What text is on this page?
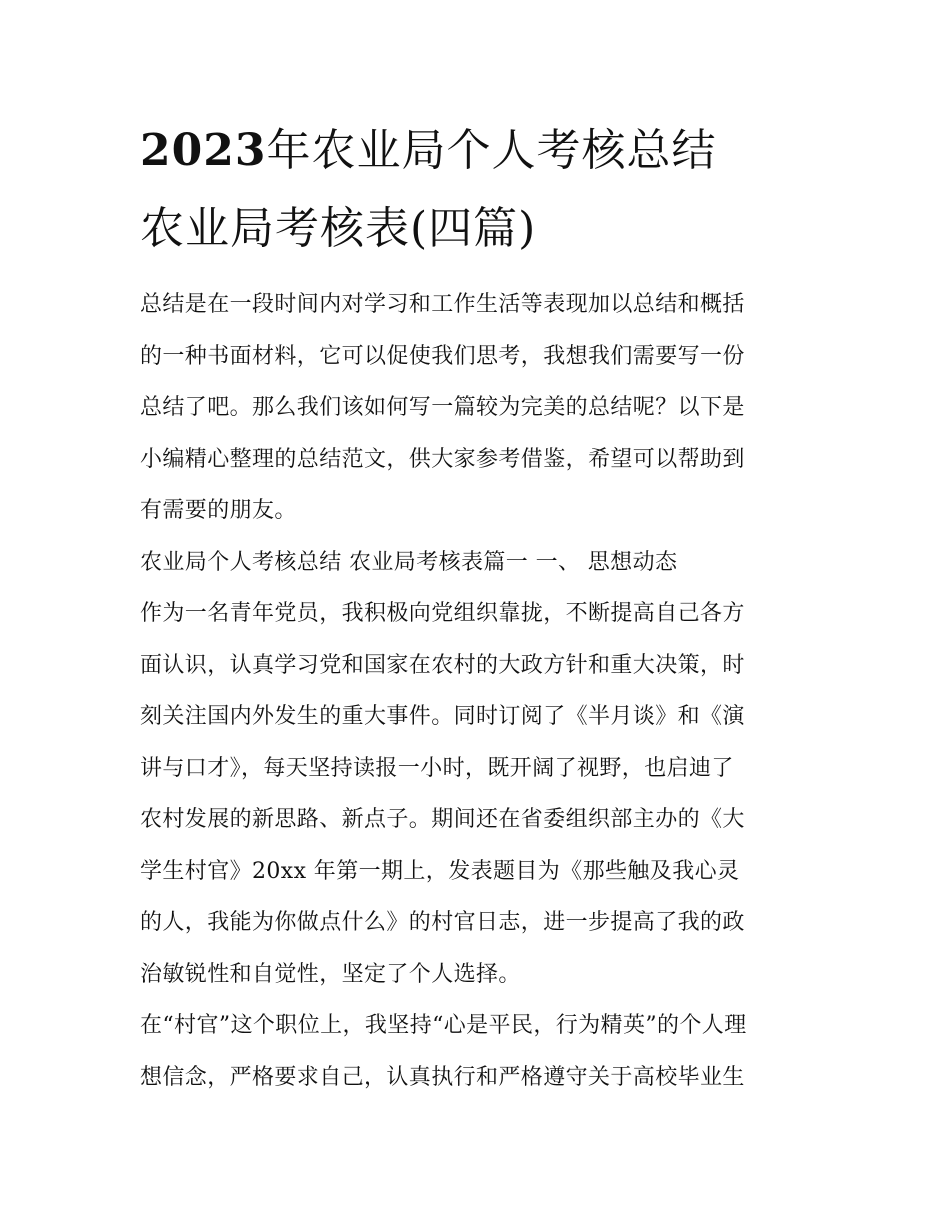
2023年农业局个人考核总结
农业局考核表(四篇)
总结是在一段时间内对学习和工作生活等表现加以总结和概括
的一种书面材料，它可以促使我们思考，我想我们需要写一份
总结了吧。那么我们该如何写一篇较为完美的总结呢？以下是
小编精心整理的总结范文，供大家参考借鉴，希望可以帮助到
有需要的朋友。
农业局个人考核总结 农业局考核表篇一 一、 思想动态
作为一名青年党员，我积极向党组织靠拢，不断提高自己各方
面认识，认真学习党和国家在农村的大政方针和重大决策，时
刻关注国内外发生的重大事件。同时订阅了《半月谈》和《演
讲与口才》，每天坚持读报一小时，既开阔了视野，也启迪了
农村发展的新思路、新点子。期间还在省委组织部主办的《大
学生村官》20xx 年第一期上，发表题目为《那些触及我心灵
的人，我能为你做点什么》的村官日志，进一步提高了我的政
治敏锐性和自觉性，坚定了个人选择。
在“村官”这个职位上，我坚持“心是平民，行为精英”的个人理
想信念，严格要求自己，认真执行和严格遵守关于高校毕业生
